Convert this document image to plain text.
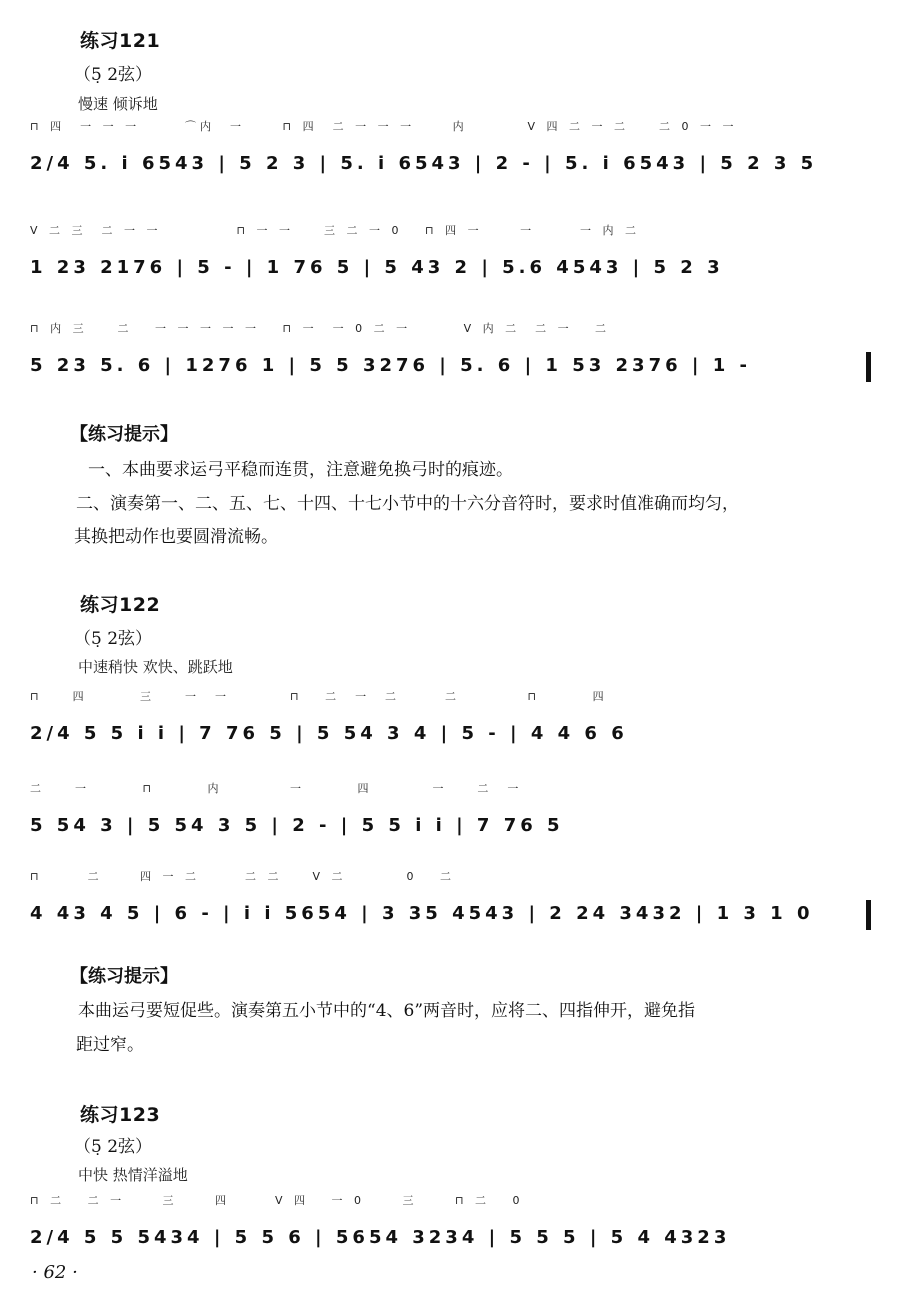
练习121
（5̣ 2弦）
慢速 倾诉地
⊓ 四  一 一 一      ⌒内  一     ⊓ 四  二 一 一 一     内        V 四 二 一 二    二 0 一 一
2/4 5. i 6543 | 5 2 3 | 5. i 6543 | 2 - | 5. i 6543 | 5 2 3 5
V 二 三  二 一 一          ⊓ 一 一    三 二 一 0   ⊓ 四 一     一      一 内 二
1 23 2176 | 5 - | 1 76 5 | 5 43 2 | 5.6 4543 | 5 2 3
⊓ 内 三    二   一 一 一 一 一   ⊓ 一  一 0 二 一       V 内 二  二 一   二
5 23 5. 6 | 1276 1 | 5 5 3276 | 5. 6 | 1 53 2376 | 1 -
【练习提示】
一、本曲要求运弓平稳而连贯，注意避免换弓时的痕迹。
二、演奏第一、二、五、七、十四、十七小节中的十六分音符时，要求时值准确而均匀，
其换把动作也要圆滑流畅。
练习122
（5̣ 2弦）
中速稍快 欢快、跳跃地
⊓    四       三    一  一        ⊓   二  一  二      二         ⊓       四
2/4 5 5 i i | 7 76 5 | 5 54 3 4 | 5 - | 4 4 6 6
二    一       ⊓       内         一       四        一    二  一
5 54 3 | 5 54 3 5 | 2 - | 5 5 i i | 7 76 5
⊓      二     四 一 二      二 二    V 二        0   二
4 43 4 5 | 6 - | i i 5654 | 3 35 4543 | 2 24 3432 | 1 3 1 0
【练习提示】
本曲运弓要短促些。演奏第五小节中的“4、6”两音时，应将二、四指伸开，避免指
距过窄。
练习123
（5̣ 2弦）
中快 热情洋溢地
⊓ 二   二 一     三     四      V 四   一 0     三     ⊓ 二   0
2/4 5 5 5434 | 5 5 6 | 5654 3234 | 5 5 5 | 5 4 4323
· 62 ·
